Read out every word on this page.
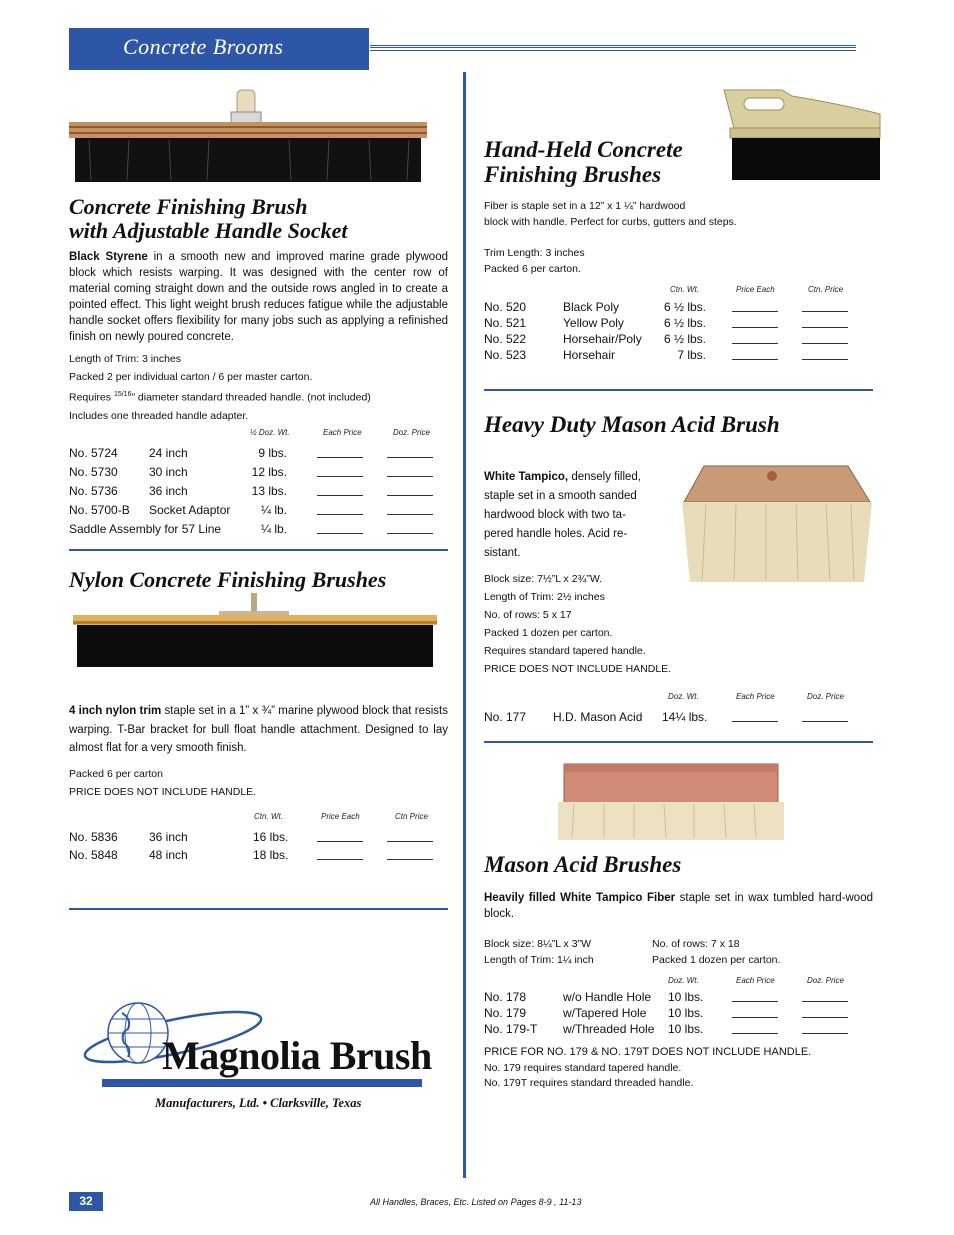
Concrete Brooms
Concrete Finishing Brush
with Adjustable Handle Socket

Black Styrene in a smooth new and improved marine grade plywood block which resists warping. It was designed with the center row of material coming straight down and the outside rows angled in to create a pointed effect. This light weight brush reduces fatigue while the adjustable handle socket offers flexibility for many jobs such as applying a refinished finish on newly poured concrete.

Length of Trim: 3 inches
Packed 2 per individual carton / 6 per master carton.
Requires $^{15/16}$” diameter standard threaded handle. (not included)
Includes one threaded handle adapter.
½ Doz. Wt.	Each Price	Doz. Price
No. 5724	24 inch	9 lbs.
No. 5730	30 inch	12 lbs.
No. 5736	36 inch	13 lbs.
No. 5700-B Socket Adaptor	¼ lb.
Saddle Assembly for 57 Line	¼ lb.
Nylon Concrete Finishing Brushes

4 inch nylon trim staple set in a 1” x ¾” marine plywood block that resists warping. T-Bar bracket for bull float handle attachment. Designed to lay almost flat for a very smooth finish.

Packed 6 per carton
PRICE DOES NOT INCLUDE HANDLE.
Ctn. Wt.	Price Each	Ctn Price
No. 5836	36 inch	16 lbs.
No. 5848	48 inch	18 lbs.
Magnolia Brush
Manufacturers, Ltd. • Clarksville, Texas
Hand-Held Concrete
Finishing Brushes
Fiber is staple set in a 12” x 1 ¼” hardwood
block with handle. Perfect for curbs, gutters and steps.
Trim Length: 3 inches
Packed 6 per carton.
Ctn. Wt.	Price Each	Ctn. Price
No. 520	Black Poly	6 ½ lbs.
No. 521	Yellow Poly	6 ½ lbs.
No. 522	Horsehair/Poly	6 ½ lbs.
No. 523	Horsehair	7 lbs.
Heavy Duty Mason Acid Brush
White Tampico, densely filled,
staple set in a smooth sanded
hardwood block with two ta-
pered handle holes. Acid re-
sistant.
Block size: 7½”L x 2¾”W.
Length of Trim: 2½ inches
No. of rows: 5 x 17
Packed 1 dozen per carton.
Requires standard tapered handle.
PRICE DOES NOT INCLUDE HANDLE.
Doz. Wt.	Each Price	Doz. Price
No. 177 H.D. Mason Acid 14¼ lbs.
Mason Acid Brushes

Heavily filled White Tampico Fiber staple set in wax tumbled hard-wood block.

Block size: 8¼”L x 3”W
Length of Trim: 1¼ inch
No. of rows: 7 x 18
Packed 1 dozen per carton.
Doz. Wt.	Each Price	Doz. Price
No. 178	w/o Handle Hole 10 lbs.
No. 179	w/Tapered Hole 10 lbs.
No. 179-T w/Threaded Hole 10 lbs.
PRICE FOR NO. 179 & NO. 179T DOES NOT INCLUDE HANDLE.
No. 179 requires standard tapered handle.
No. 179T requires standard threaded handle.
32	All Handles, Braces, Etc. Listed on Pages 8-9 , 11-13
